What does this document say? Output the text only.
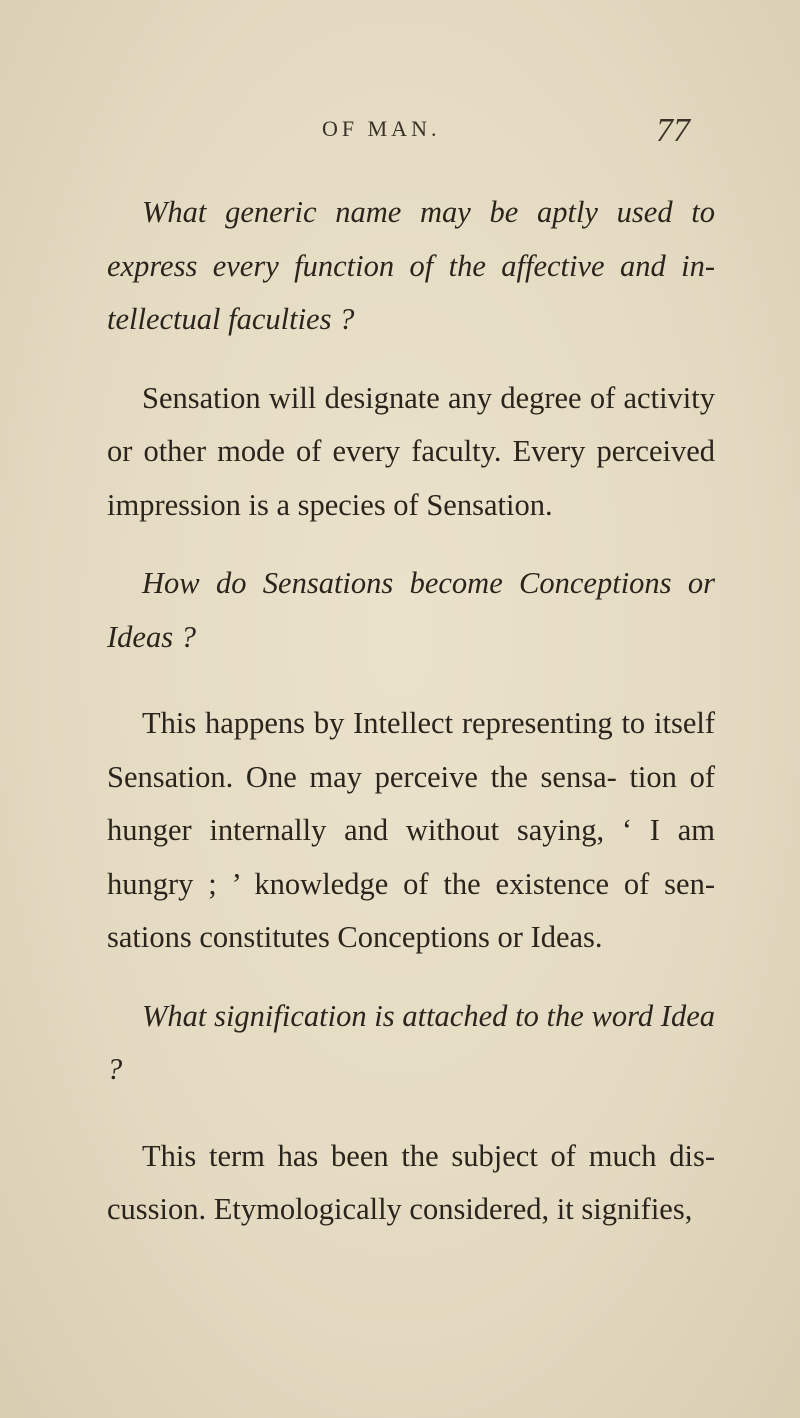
OF MAN.	77

What generic name may be aptly used to express every function of the affective and in- tellectual faculties ?

Sensation will designate any degree of activity or other mode of every faculty. Every perceived impression is a species of Sensation.

How do Sensations become Conceptions or Ideas ?

This happens by Intellect representing to itself Sensation. One may perceive the sensa- tion of hunger internally and without saying, ‘ I am hungry ; ’ knowledge of the existence of sen- sations constitutes Conceptions or Ideas.

What signification is attached to the word Idea ?

This term has been the subject of much dis- cussion. Etymologically considered, it signifies,
